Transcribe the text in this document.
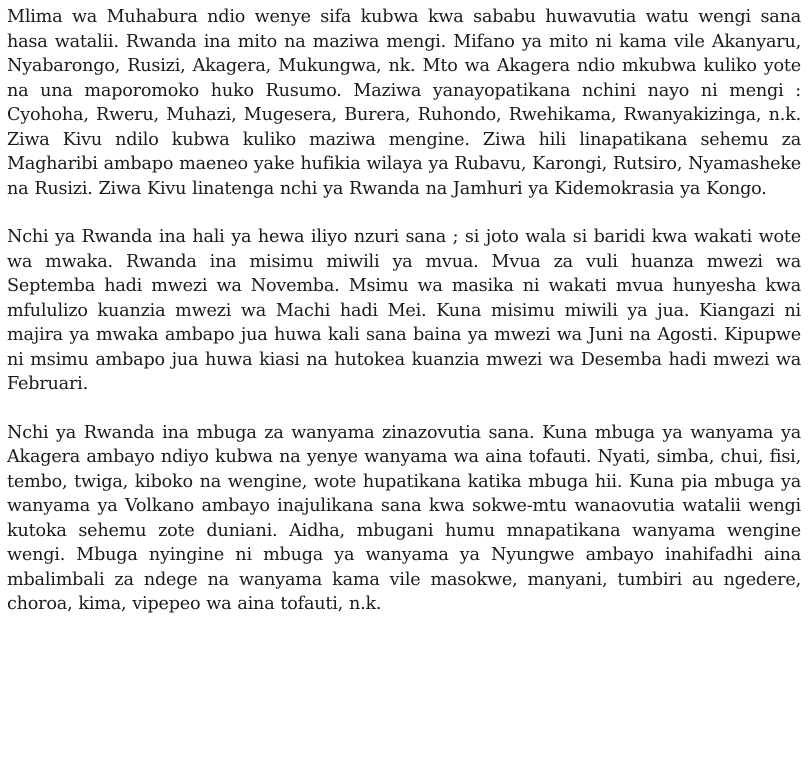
Mlima wa Muhabura ndio wenye sifa kubwa kwa sababu huwavutia watu wengi sana hasa watalii. Rwanda ina mito na maziwa mengi. Mifano ya mito ni kama vile Akanyaru, Nyabarongo, Rusizi, Akagera, Mukungwa, nk. Mto wa Akagera ndio mkubwa kuliko yote na una maporomoko huko Rusumo. Maziwa yanayopatikana nchini nayo ni mengi : Cyohoha, Rweru, Muhazi, Mugesera, Burera, Ruhondo, Rwehikama, Rwanyakizinga, n.k. Ziwa Kivu ndilo kubwa kuliko maziwa mengine. Ziwa hili linapatikana sehemu za Magharibi ambapo maeneo yake hufikia wilaya ya Rubavu, Karongi, Rutsiro, Nyamasheke na Rusizi. Ziwa Kivu linatenga nchi ya Rwanda na Jamhuri ya Kidemokrasia ya Kongo.

Nchi ya Rwanda ina hali ya hewa iliyo nzuri sana ; si joto wala si baridi kwa wakati wote wa mwaka. Rwanda ina misimu miwili ya mvua. Mvua za vuli huanza mwezi wa Septemba hadi mwezi wa Novemba. Msimu wa masika ni wakati mvua hunyesha kwa mfululizo kuanzia mwezi wa Machi hadi Mei. Kuna misimu miwili ya jua. Kiangazi ni majira ya mwaka ambapo jua huwa kali sana baina ya mwezi wa Juni na Agosti. Kipupwe ni msimu ambapo jua huwa kiasi na hutokea kuanzia mwezi wa Desemba hadi mwezi wa Februari.

Nchi ya Rwanda ina mbuga za wanyama zinazovutia sana. Kuna mbuga ya wanyama ya Akagera ambayo ndiyo kubwa na yenye wanyama wa aina tofauti. Nyati, simba, chui, fisi, tembo, twiga, kiboko na wengine, wote hupatikana katika mbuga hii. Kuna pia mbuga ya wanyama ya Volkano ambayo inajulikana sana kwa sokwe-mtu wanaovutia watalii wengi kutoka sehemu zote duniani. Aidha, mbugani humu mnapatikana wanyama wengine wengi. Mbuga nyingine ni mbuga ya wanyama ya Nyungwe ambayo inahifadhi aina mbalimbali za ndege na wanyama kama vile masokwe, manyani, tumbiri au ngedere, choroa, kima, vipepeo wa aina tofauti, n.k.
